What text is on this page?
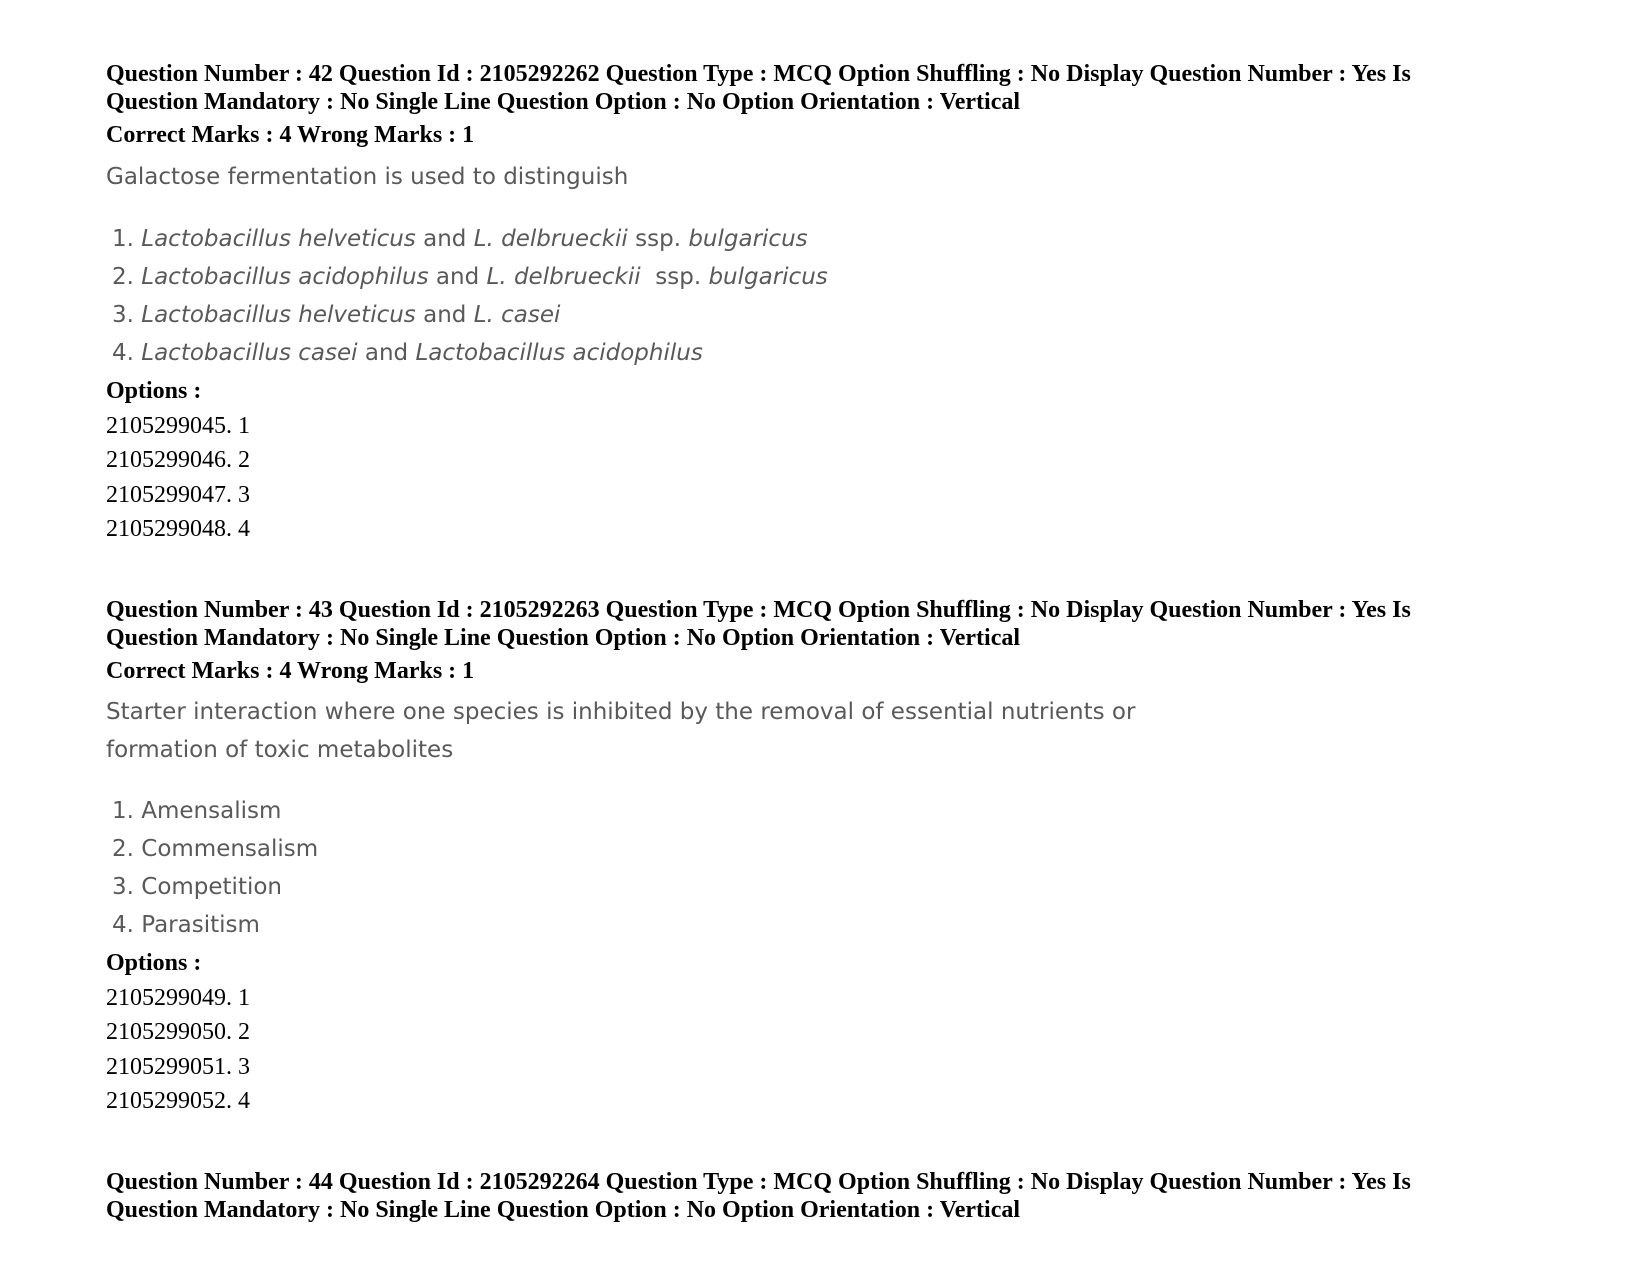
Question Number : 42 Question Id : 2105292262 Question Type : MCQ Option Shuffling : No Display Question Number : Yes Is
Question Mandatory : No Single Line Question Option : No Option Orientation : Vertical
Correct Marks : 4 Wrong Marks : 1
Galactose fermentation is used to distinguish
1. Lactobacillus helveticus and L. delbrueckii ssp. bulgaricus
2. Lactobacillus acidophilus and L. delbrueckii  ssp. bulgaricus
3. Lactobacillus helveticus and L. casei
4. Lactobacillus casei and Lactobacillus acidophilus
Options :
2105299045. 1
2105299046. 2
2105299047. 3
2105299048. 4
Question Number : 43 Question Id : 2105292263 Question Type : MCQ Option Shuffling : No Display Question Number : Yes Is
Question Mandatory : No Single Line Question Option : No Option Orientation : Vertical
Correct Marks : 4 Wrong Marks : 1
Starter interaction where one species is inhibited by the removal of essential nutrients or
formation of toxic metabolites
1. Amensalism
2. Commensalism
3. Competition
4. Parasitism
Options :
2105299049. 1
2105299050. 2
2105299051. 3
2105299052. 4
Question Number : 44 Question Id : 2105292264 Question Type : MCQ Option Shuffling : No Display Question Number : Yes Is
Question Mandatory : No Single Line Question Option : No Option Orientation : Vertical
